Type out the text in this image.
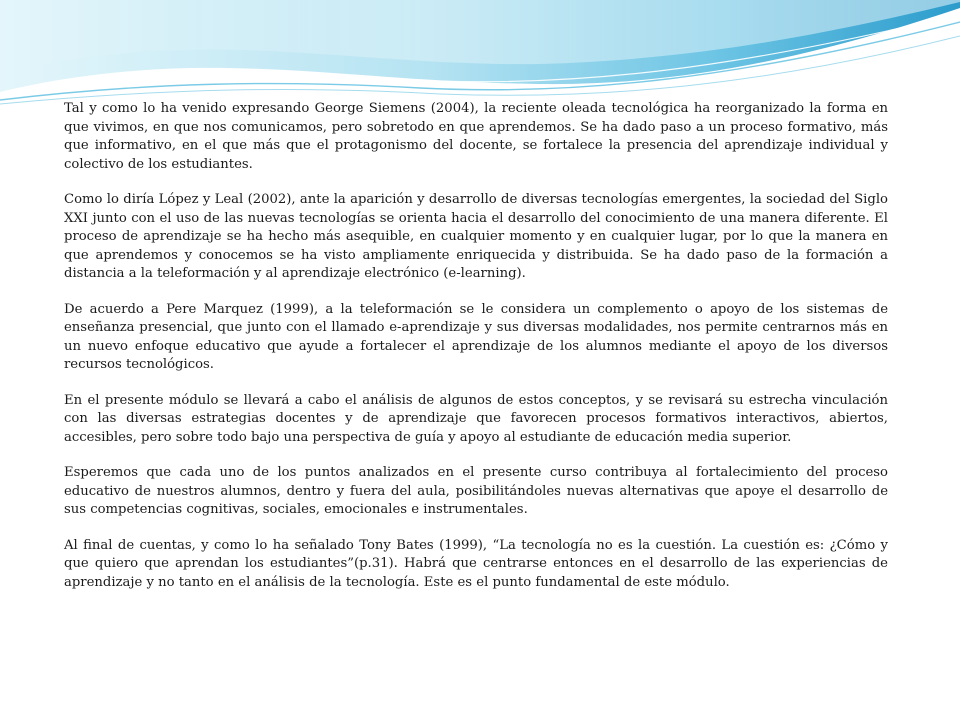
Tal y como lo ha venido expresando George Siemens (2004), la reciente oleada tecnológica ha reorganizado la forma en que vivimos, en que nos comunicamos, pero sobretodo en que aprendemos. Se ha dado paso a un proceso formativo, más que informativo, en el que más que el protagonismo del docente, se fortalece la presencia del aprendizaje individual y colectivo de los estudiantes.

Como lo diría López y Leal (2002), ante la aparición y desarrollo de diversas tecnologías emergentes, la sociedad del Siglo XXI junto con el uso de las nuevas tecnologías se orienta hacia el desarrollo del conocimiento de una manera diferente. El proceso de aprendizaje se ha hecho más asequible, en cualquier momento y en cualquier lugar, por lo que la manera en que aprendemos y conocemos se ha visto ampliamente enriquecida y distribuida. Se ha dado paso de la formación a distancia a la teleformación y al aprendizaje electrónico (e-learning).

De acuerdo a Pere Marquez (1999), a la teleformación se le considera un complemento o apoyo de los sistemas de enseñanza presencial, que junto con el llamado e-aprendizaje y sus diversas modalidades, nos permite centrarnos más en un nuevo enfoque educativo que ayude a fortalecer el aprendizaje de los alumnos mediante el apoyo de los diversos recursos tecnológicos.

En el presente módulo se llevará a cabo el análisis de algunos de estos conceptos, y se revisará su estrecha vinculación con las diversas estrategias docentes y de aprendizaje que favorecen procesos formativos interactivos, abiertos, accesibles, pero sobre todo bajo una perspectiva de guía y apoyo al estudiante de educación media superior.

Esperemos que cada uno de los puntos analizados en el presente curso contribuya al fortalecimiento del proceso educativo de nuestros alumnos, dentro y fuera del aula, posibilitándoles nuevas alternativas que apoye el desarrollo de sus competencias cognitivas, sociales, emocionales e instrumentales.

Al final de cuentas, y como lo ha señalado Tony Bates (1999), “La tecnología no es la cuestión. La cuestión es: ¿Cómo y que quiero que aprendan los estudiantes”(p.31). Habrá que centrarse entonces en el desarrollo de las experiencias de aprendizaje y no tanto en el análisis de la tecnología. Este es el punto fundamental de este módulo.
